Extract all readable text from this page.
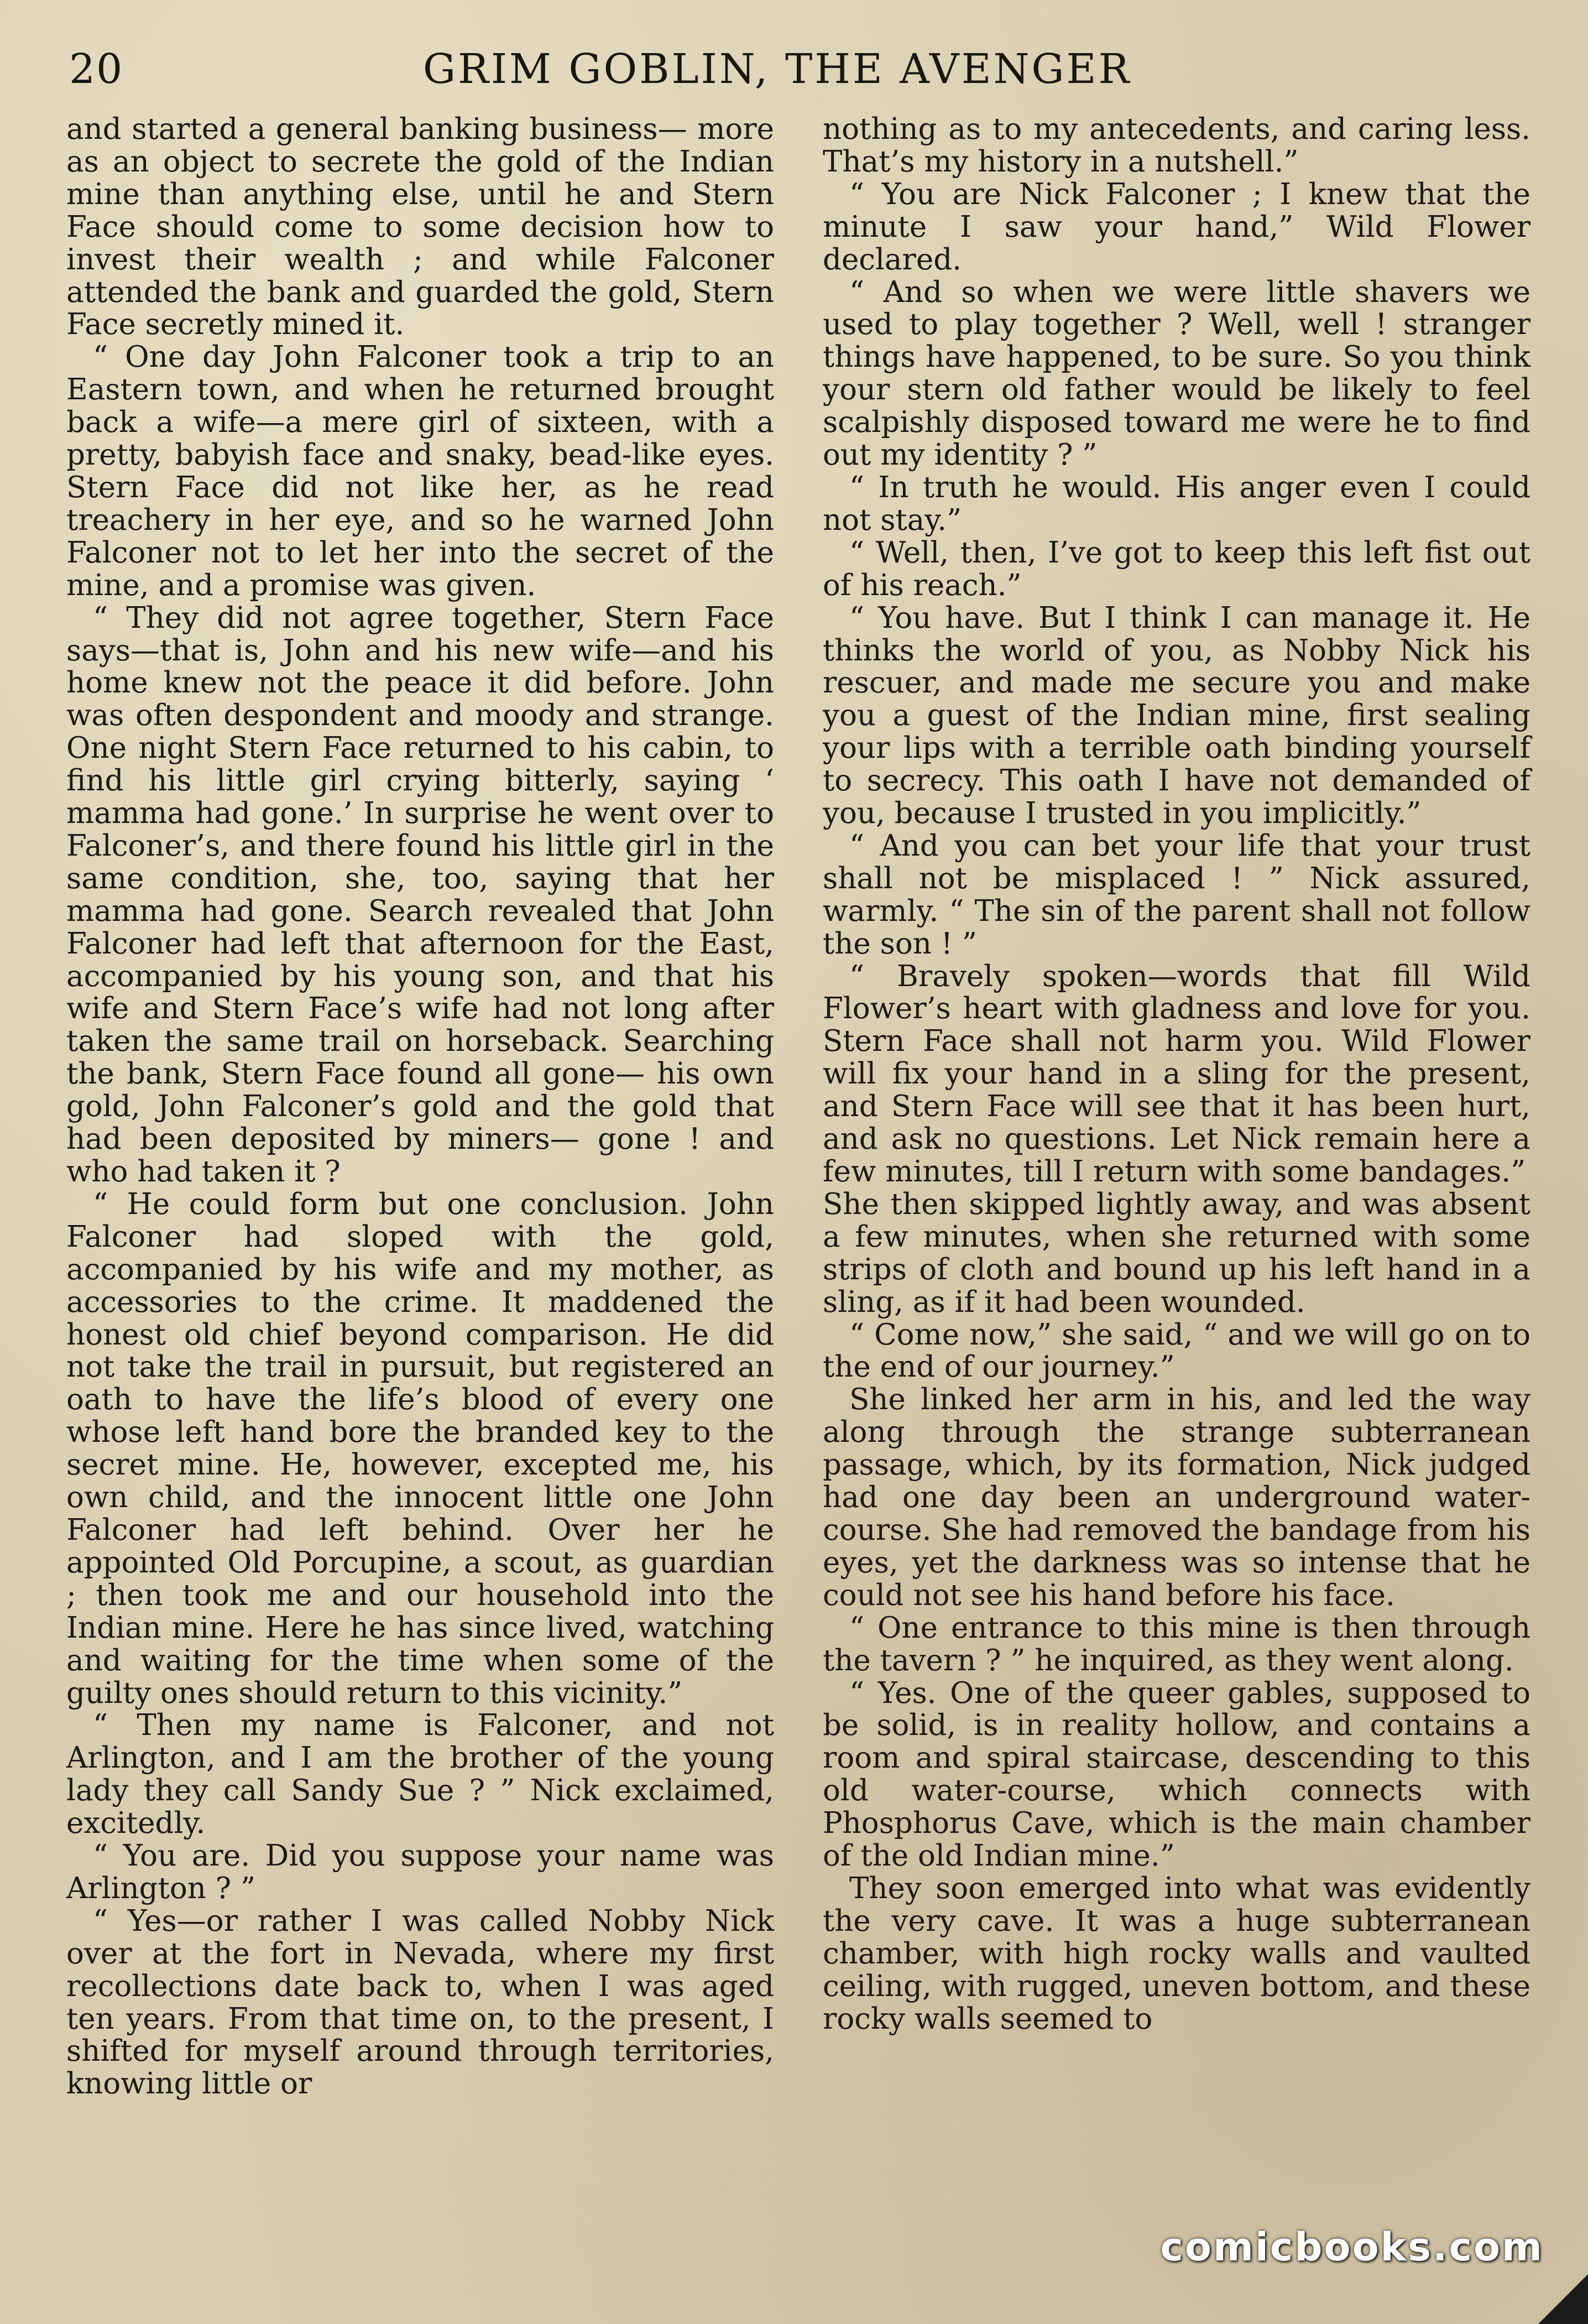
20	GRIM GOBLIN, THE AVENGER

and started a general banking business— more as an object to secrete the gold of the Indian mine than anything else, until he and Stern Face should come to some decision how to invest their wealth ; and while Falconer attended the bank and guarded the gold, Stern Face secretly mined it.

“ One day John Falconer took a trip to an Eastern town, and when he returned brought back a wife—a mere girl of sixteen, with a pretty, babyish face and snaky, bead-like eyes. Stern Face did not like her, as he read treachery in her eye, and so he warned John Falconer not to let her into the secret of the mine, and a promise was given.

“ They did not agree together, Stern Face says—that is, John and his new wife—and his home knew not the peace it did before. John was often despondent and moody and strange. One night Stern Face returned to his cabin, to find his little girl crying bitterly, saying ‘ mamma had gone.’ In surprise he went over to Falconer’s, and there found his little girl in the same condition, she, too, saying that her mamma had gone. Search revealed that John Falconer had left that afternoon for the East, accompanied by his young son, and that his wife and Stern Face’s wife had not long after taken the same trail on horseback. Searching the bank, Stern Face found all gone— his own gold, John Falconer’s gold and the gold that had been deposited by miners— gone ! and who had taken it ?

“ He could form but one conclusion. John Falconer had sloped with the gold, accompanied by his wife and my mother, as accessories to the crime. It maddened the honest old chief beyond comparison. He did not take the trail in pursuit, but registered an oath to have the life’s blood of every one whose left hand bore the branded key to the secret mine. He, however, excepted me, his own child, and the innocent little one John Falconer had left behind. Over her he appointed Old Porcupine, a scout, as guardian ; then took me and our household into the Indian mine. Here he has since lived, watching and waiting for the time when some of the guilty ones should return to this vicinity.”

“ Then my name is Falconer, and not Arlington, and I am the brother of the young lady they call Sandy Sue ? ” Nick exclaimed, excitedly.

“ You are. Did you suppose your name was Arlington ? ”

“ Yes—or rather I was called Nobby Nick over at the fort in Nevada, where my first recollections date back to, when I was aged ten years. From that time on, to the present, I shifted for myself around through territories, knowing little or

nothing as to my antecedents, and caring less. That’s my history in a nutshell.”

“ You are Nick Falconer ; I knew that the minute I saw your hand,” Wild Flower declared.

“ And so when we were little shavers we used to play together ? Well, well ! stranger things have happened, to be sure. So you think your stern old father would be likely to feel scalpishly disposed toward me were he to find out my identity ? ”

“ In truth he would. His anger even I could not stay.”

“ Well, then, I’ve got to keep this left fist out of his reach.”

“ You have. But I think I can manage it. He thinks the world of you, as Nobby Nick his rescuer, and made me secure you and make you a guest of the Indian mine, first sealing your lips with a terrible oath binding yourself to secrecy. This oath I have not demanded of you, because I trusted in you implicitly.”

“ And you can bet your life that your trust shall not be misplaced ! ” Nick assured, warmly. “ The sin of the parent shall not follow the son ! ”

“ Bravely spoken—words that fill Wild Flower’s heart with gladness and love for you. Stern Face shall not harm you. Wild Flower will fix your hand in a sling for the present, and Stern Face will see that it has been hurt, and ask no questions. Let Nick remain here a few minutes, till I return with some bandages.”

She then skipped lightly away, and was absent a few minutes, when she returned with some strips of cloth and bound up his left hand in a sling, as if it had been wounded.

“ Come now,” she said, “ and we will go on to the end of our journey.”

She linked her arm in his, and led the way along through the strange subterranean passage, which, by its formation, Nick judged had one day been an underground water-course. She had removed the bandage from his eyes, yet the darkness was so intense that he could not see his hand before his face.

“ One entrance to this mine is then through the tavern ? ” he inquired, as they went along.

“ Yes. One of the queer gables, supposed to be solid, is in reality hollow, and contains a room and spiral staircase, descending to this old water-course, which connects with Phosphorus Cave, which is the main chamber of the old Indian mine.”

They soon emerged into what was evidently the very cave. It was a huge subterranean chamber, with high rocky walls and vaulted ceiling, with rugged, uneven bottom, and these rocky walls seemed to

comicbooks.com
